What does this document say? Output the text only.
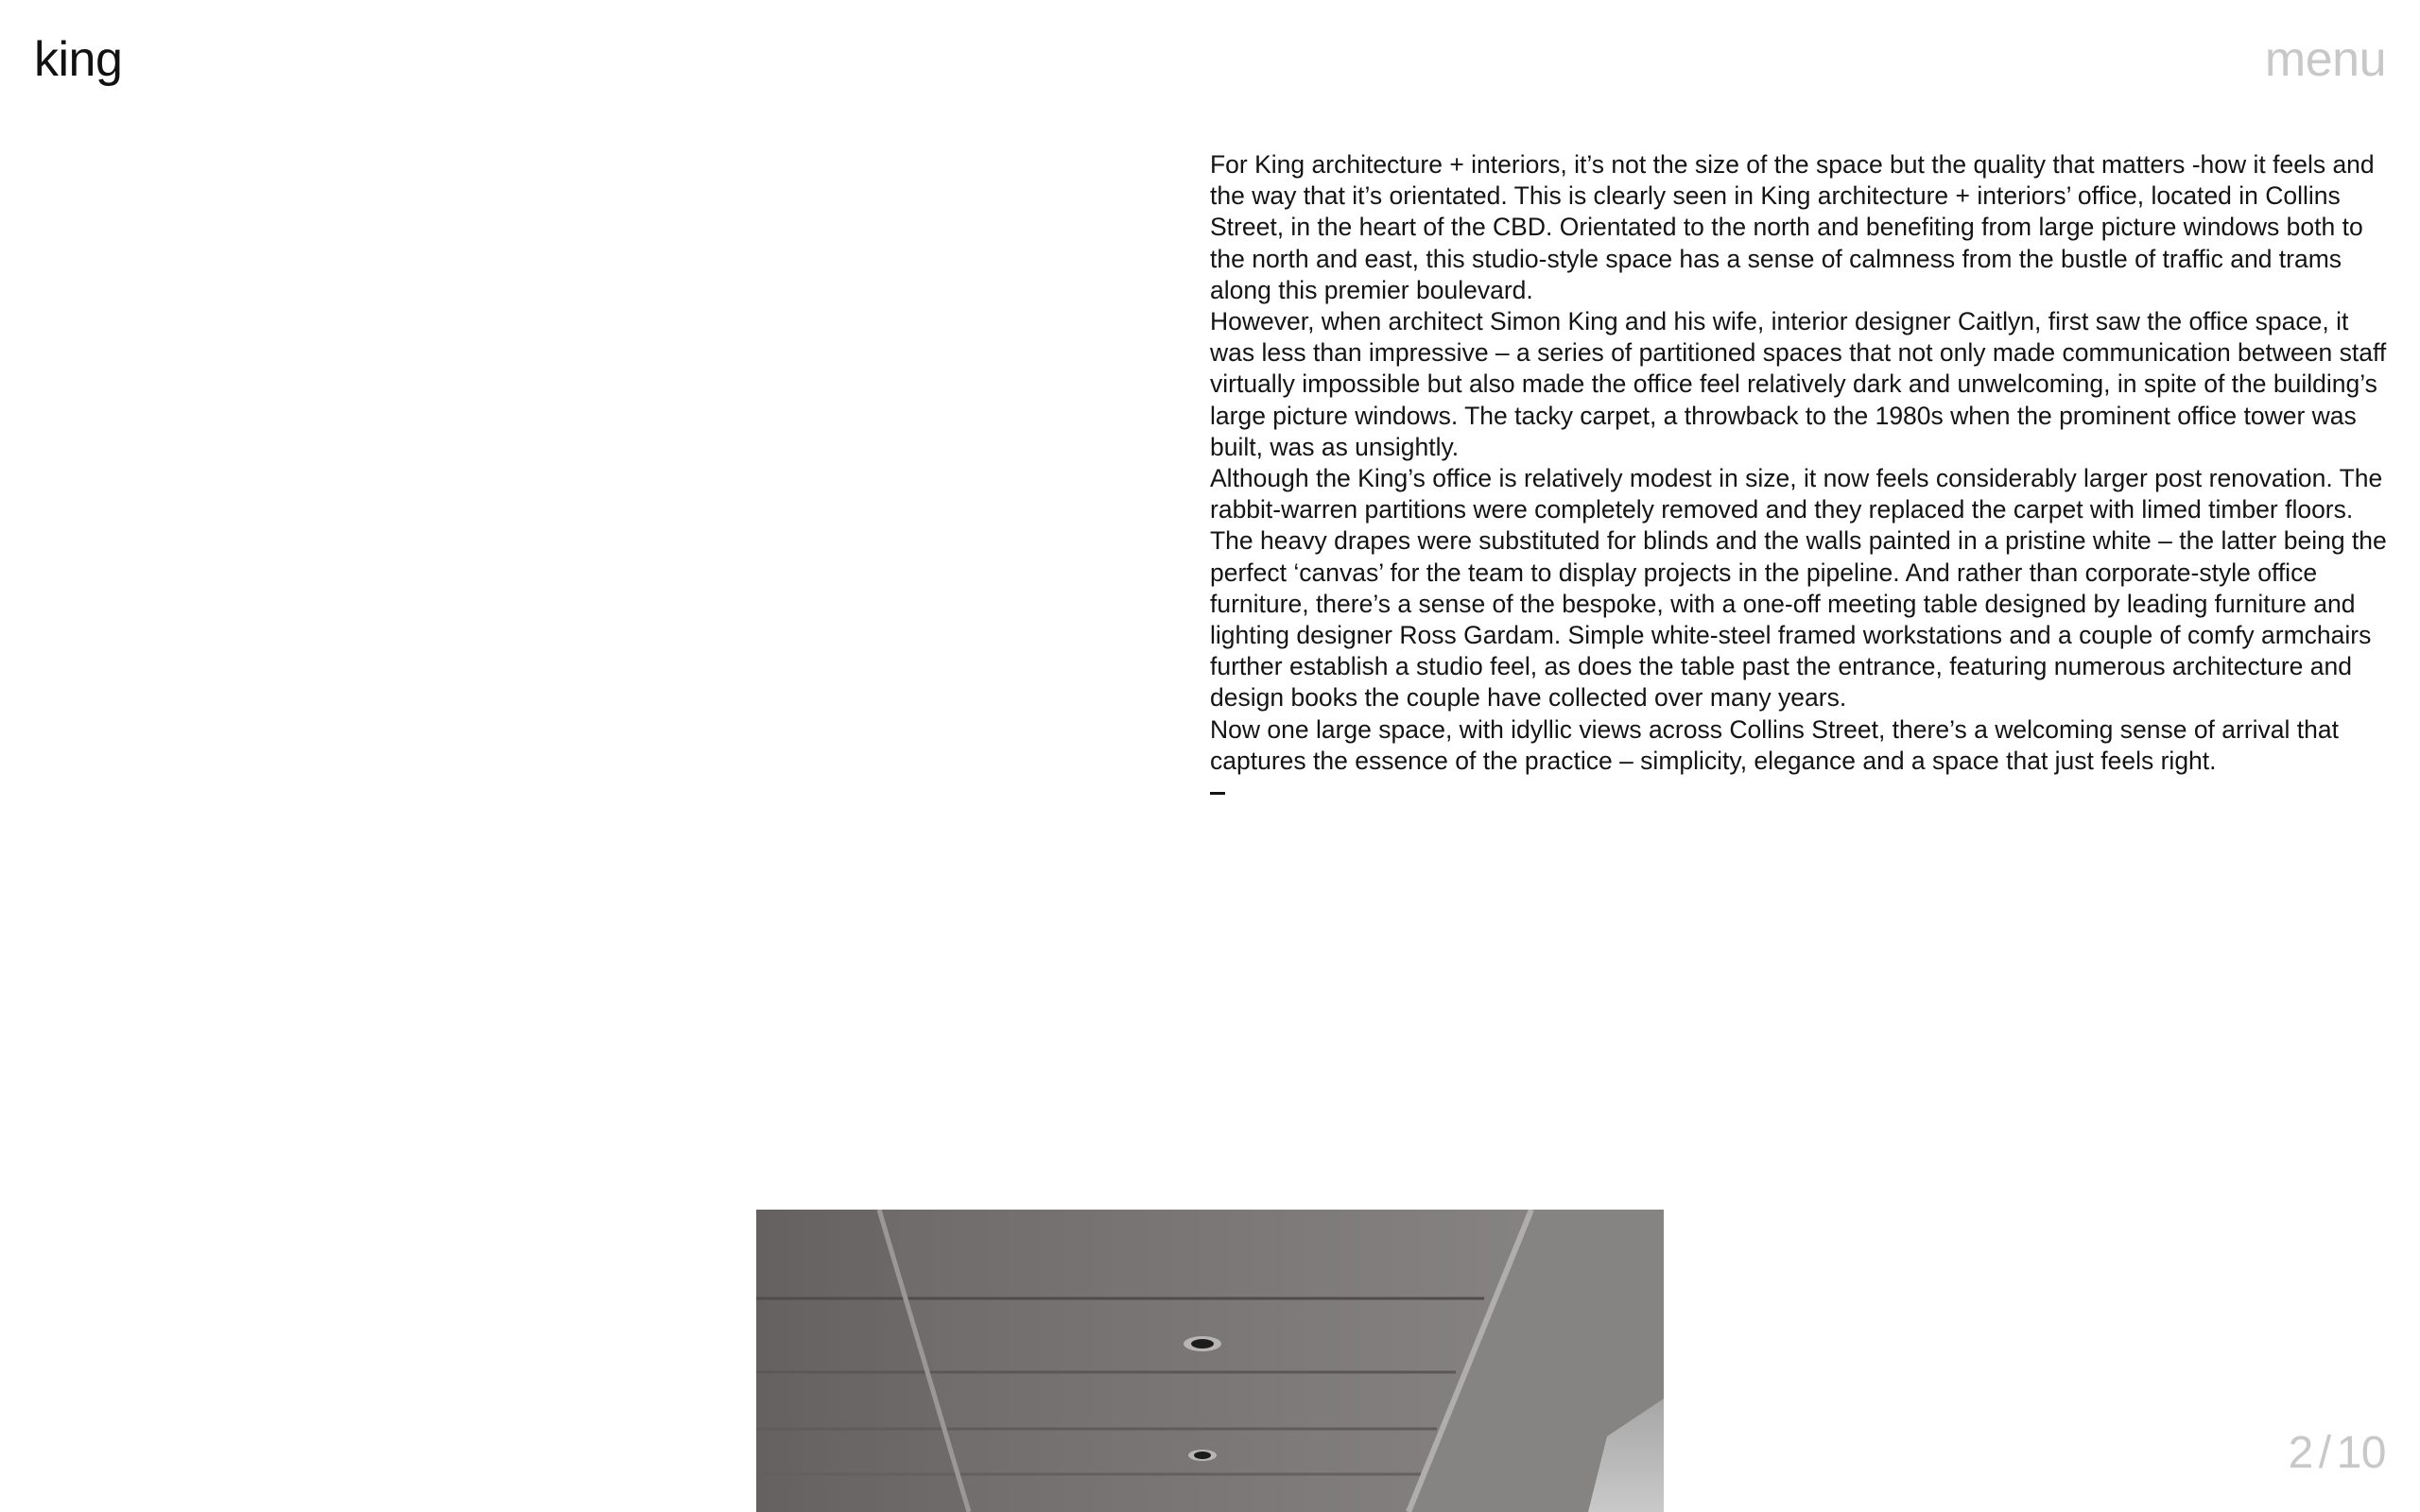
king	menu

For King architecture + interiors, it’s not the size of the space but the quality that matters -how it feels and the way that it’s orientated. This is clearly seen in King architecture + interiors’ office, located in Collins Street, in the heart of the CBD. Orientated to the north and benefiting from large picture windows both to the north and east, this studio-style space has a sense of calmness from the bustle of traffic and trams along this premier boulevard.

However, when architect Simon King and his wife, interior designer Caitlyn, first saw the office space, it was less than impressive – a series of partitioned spaces that not only made communication between staff virtually impossible but also made the office feel relatively dark and unwelcoming, in spite of the building’s large picture windows. The tacky carpet, a throwback to the 1980s when the prominent office tower was built, was as unsightly.

Although the King’s office is relatively modest in size, it now feels considerably larger post renovation. The rabbit-warren partitions were completely removed and they replaced the carpet with limed timber floors. The heavy drapes were substituted for blinds and the walls painted in a pristine white – the latter being the perfect ‘canvas’ for the team to display projects in the pipeline. And rather than corporate-style office furniture, there’s a sense of the bespoke, with a one-off meeting table designed by leading furniture and lighting designer Ross Gardam. Simple white-steel framed workstations and a couple of comfy armchairs further establish a studio feel, as does the table past the entrance, featuring numerous architecture and design books the couple have collected over many years.

Now one large space, with idyllic views across Collins Street, there’s a welcoming sense of arrival that captures the essence of the practice – simplicity, elegance and a space that just feels right.

2 / 10
